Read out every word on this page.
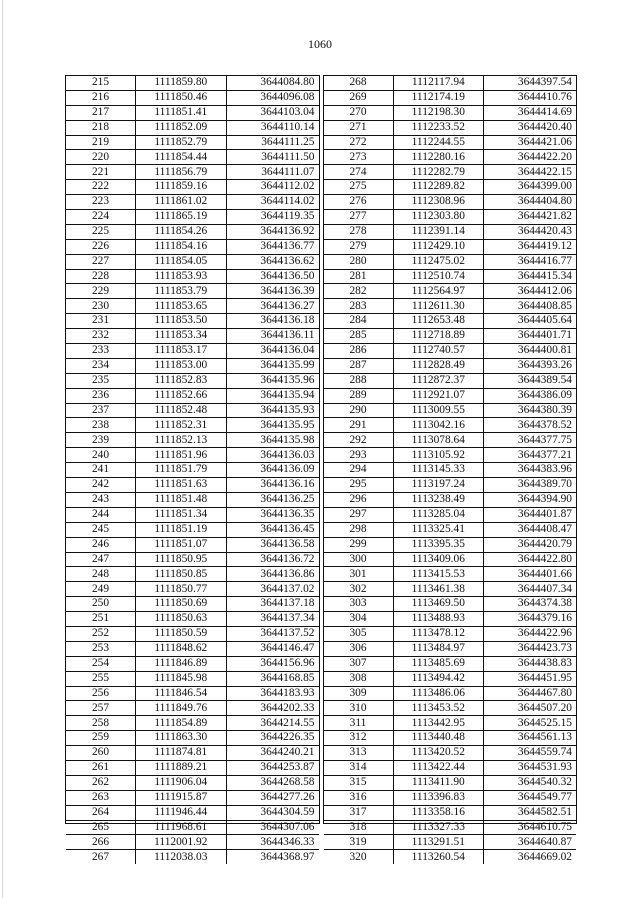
1060
215	1111859.80	3644084.80
216	1111850.46	3644096.08
217	1111851.41	3644103.04
218	1111852.09	3644110.14
219	1111852.79	3644111.25
220	1111854.44	3644111.50
221	1111856.79	3644111.07
222	1111859.16	3644112.02
223	1111861.02	3644114.02
224	1111865.19	3644119.35
225	1111854.26	3644136.92
226	1111854.16	3644136.77
227	1111854.05	3644136.62
228	1111853.93	3644136.50
229	1111853.79	3644136.39
230	1111853.65	3644136.27
231	1111853.50	3644136.18
232	1111853.34	3644136.11
233	1111853.17	3644136.04
234	1111853.00	3644135.99
235	1111852.83	3644135.96
236	1111852.66	3644135.94
237	1111852.48	3644135.93
238	1111852.31	3644135.95
239	1111852.13	3644135.98
240	1111851.96	3644136.03
241	1111851.79	3644136.09
242	1111851.63	3644136.16
243	1111851.48	3644136.25
244	1111851.34	3644136.35
245	1111851.19	3644136.45
246	1111851.07	3644136.58
247	1111850.95	3644136.72
248	1111850.85	3644136.86
249	1111850.77	3644137.02
250	1111850.69	3644137.18
251	1111850.63	3644137.34
252	1111850.59	3644137.52
253	1111848.62	3644146.47
254	1111846.89	3644156.96
255	1111845.98	3644168.85
256	1111846.54	3644183.93
257	1111849.76	3644202.33
258	1111854.89	3644214.55
259	1111863.30	3644226.35
260	1111874.81	3644240.21
261	1111889.21	3644253.87
262	1111906.04	3644268.58
263	1111915.87	3644277.26
264	1111946.44	3644304.59
265	1111968.61	3644307.06
266	1112001.92	3644346.33
267	1112038.03	3644368.97
268	1112117.94	3644397.54
269	1112174.19	3644410.76
270	1112198.30	3644414.69
271	1112233.52	3644420.40
272	1112244.55	3644421.06
273	1112280.16	3644422.20
274	1112282.79	3644422.15
275	1112289.82	3644399.00
276	1112308.96	3644404.80
277	1112303.80	3644421.82
278	1112391.14	3644420.43
279	1112429.10	3644419.12
280	1112475.02	3644416.77
281	1112510.74	3644415.34
282	1112564.97	3644412.06
283	1112611.30	3644408.85
284	1112653.48	3644405.64
285	1112718.89	3644401.71
286	1112740.57	3644400.81
287	1112828.49	3644393.26
288	1112872.37	3644389.54
289	1112921.07	3644386.09
290	1113009.55	3644380.39
291	1113042.16	3644378.52
292	1113078.64	3644377.75
293	1113105.92	3644377.21
294	1113145.33	3644383.96
295	1113197.24	3644389.70
296	1113238.49	3644394.90
297	1113285.04	3644401.87
298	1113325.41	3644408.47
299	1113395.35	3644420.79
300	1113409.06	3644422.80
301	1113415.53	3644401.66
302	1113461.38	3644407.34
303	1113469.50	3644374.38
304	1113488.93	3644379.16
305	1113478.12	3644422.96
306	1113484.97	3644423.73
307	1113485.69	3644438.83
308	1113494.42	3644451.95
309	1113486.06	3644467.80
310	1113453.52	3644507.20
311	1113442.95	3644525.15
312	1113440.48	3644561.13
313	1113420.52	3644559.74
314	1113422.44	3644531.93
315	1113411.90	3644540.32
316	1113396.83	3644549.77
317	1113358.16	3644582.51
318	1113327.33	3644610.75
319	1113291.51	3644640.87
320	1113260.54	3644669.02
